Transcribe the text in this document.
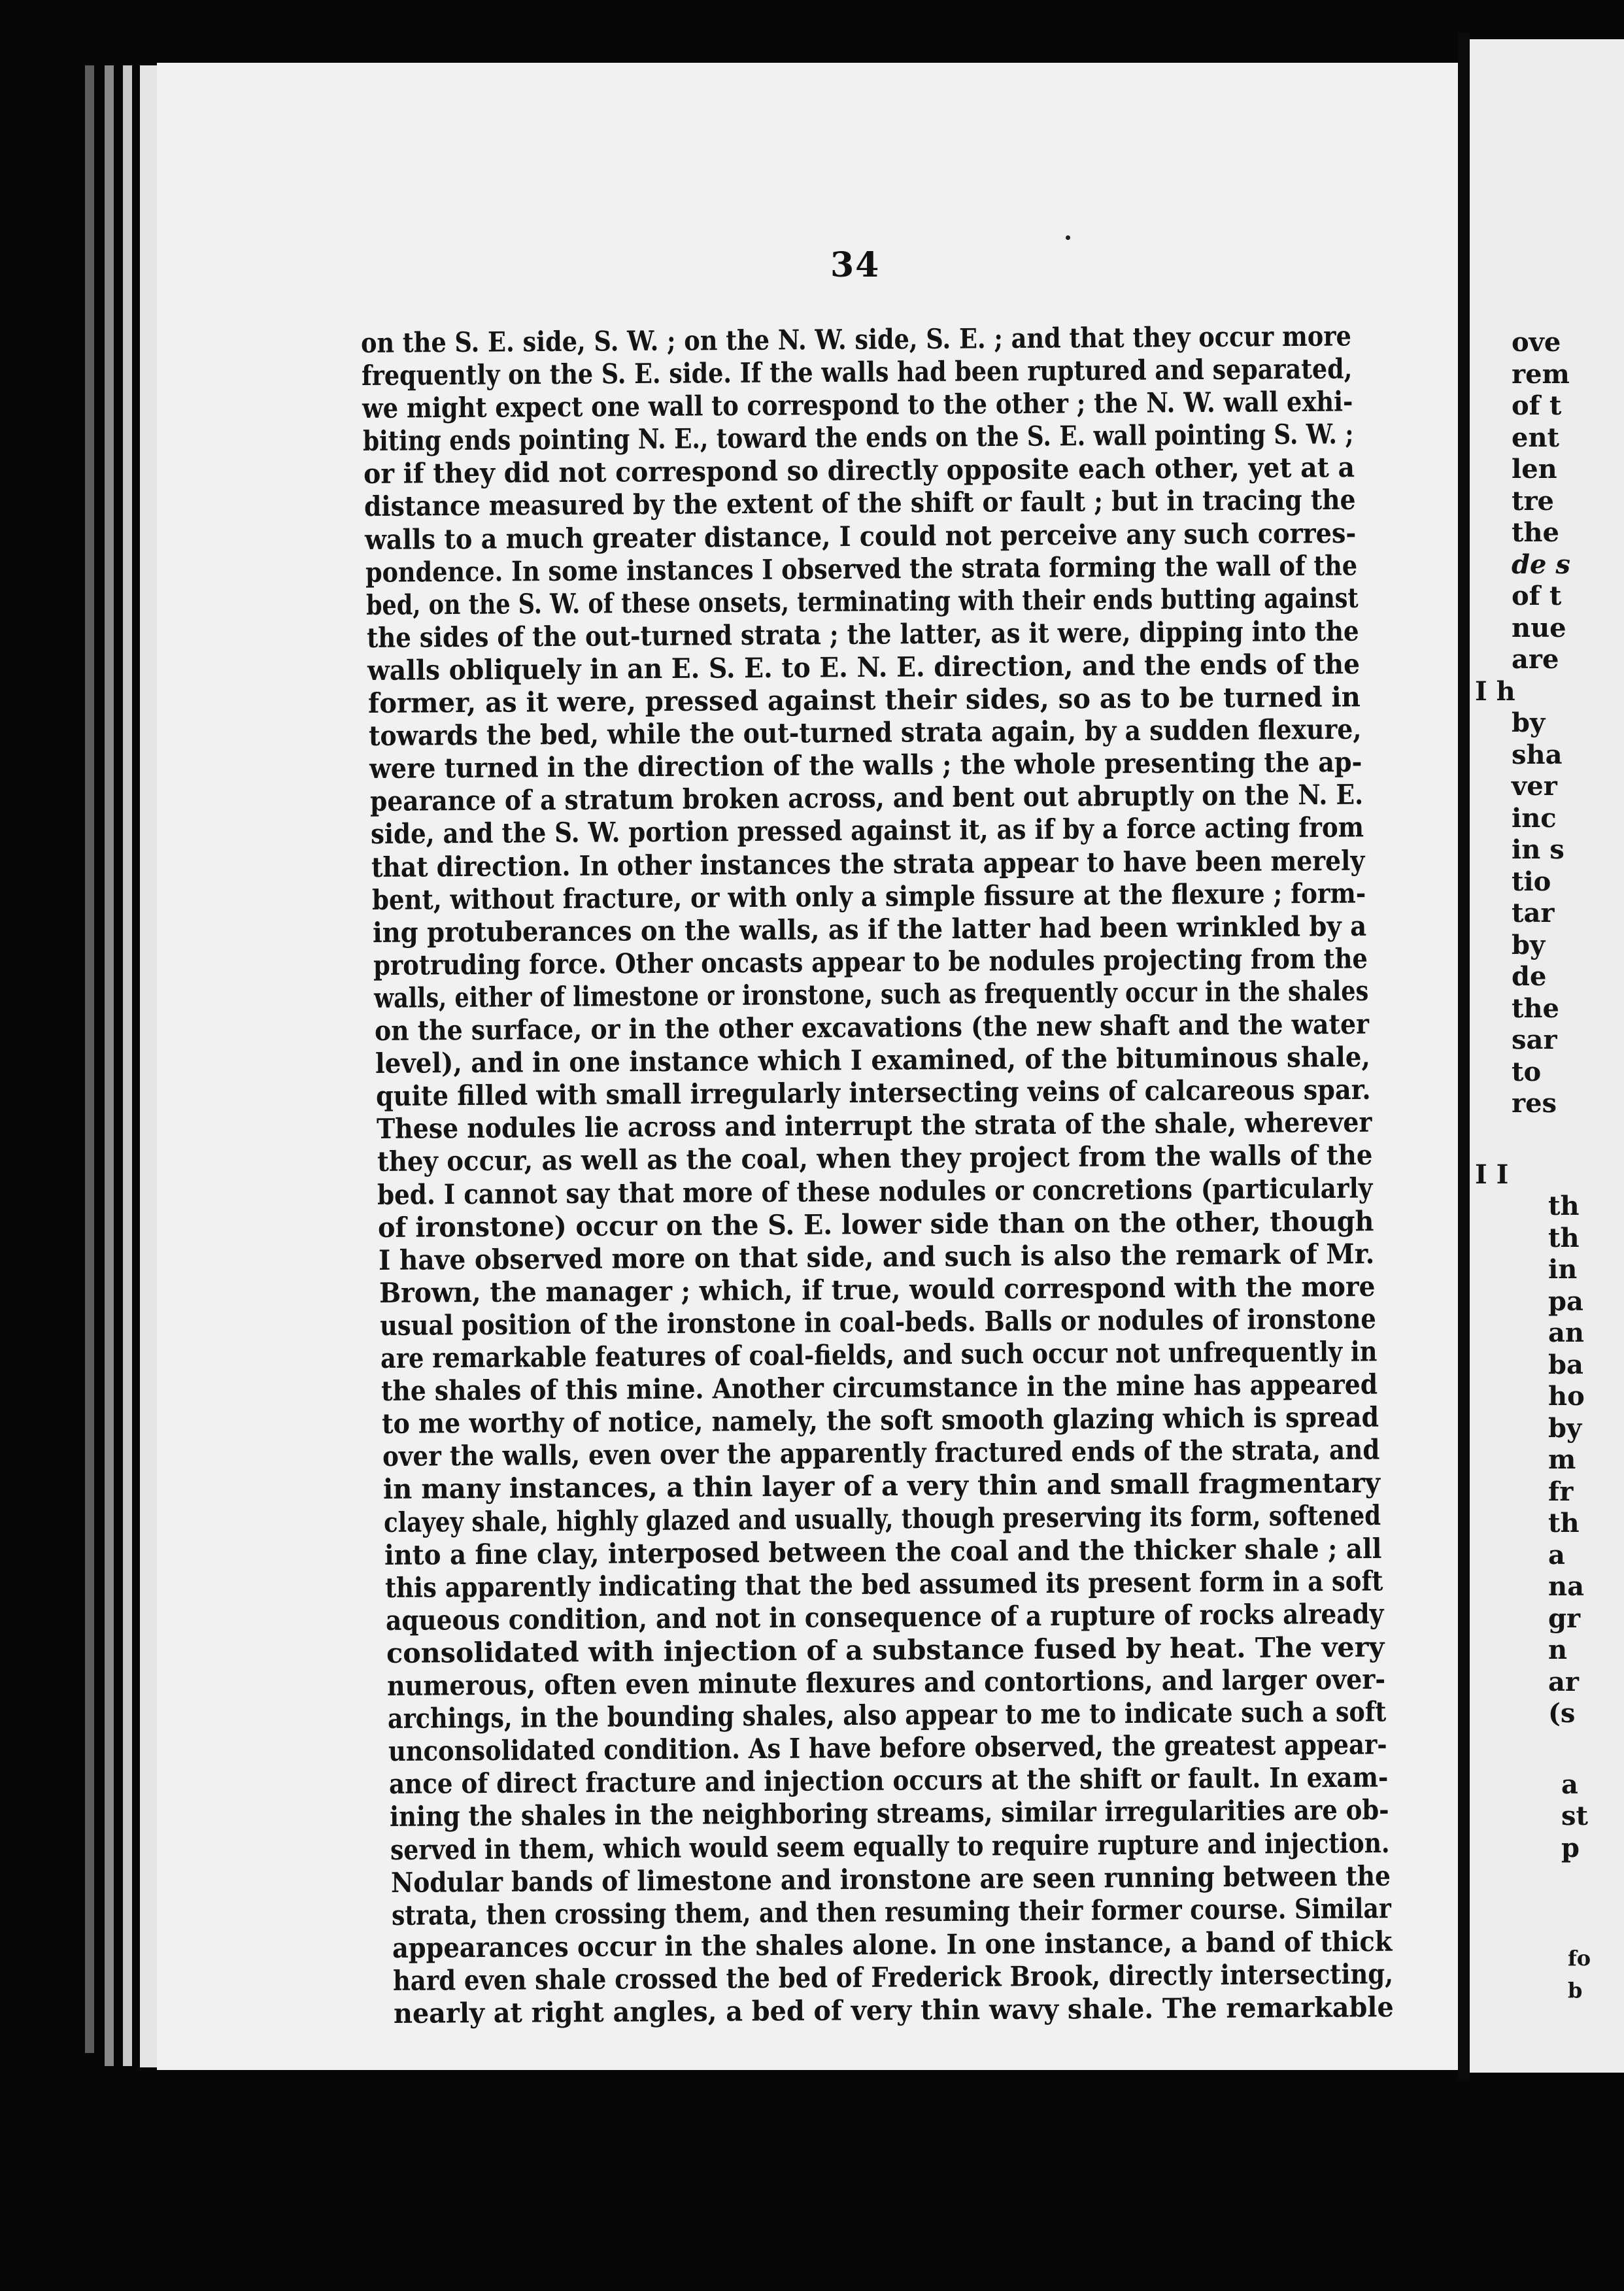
ove
rem
of t
ent
len
tre
the
de s
of t
nue
are
I h
by
sha
ver
inc
in s
tio
tar
by
de
the
sar
to
res
I I
th
th
in
pa
an
ba
ho
by
m
fr
th
a
na
gr
n
ar
(s
a
st
p
fo
b
34
on the S. E. side, S. W. ; on the N. W. side, S. E. ; and that they occur more
frequently on the S. E. side. If the walls had been ruptured and separated,
we might expect one wall to correspond to the other ; the N. W. wall exhi-
biting ends pointing N. E., toward the ends on the S. E. wall pointing S. W. ;
or if they did not correspond so directly opposite each other, yet at a
distance measured by the extent of the shift or fault ; but in tracing the
walls to a much greater distance, I could not perceive any such corres-
pondence. In some instances I observed the strata forming the wall of the
bed, on the S. W. of these onsets, terminating with their ends butting against
the sides of the out-turned strata ; the latter, as it were, dipping into the
walls obliquely in an E. S. E. to E. N. E. direction, and the ends of the
former, as it were, pressed against their sides, so as to be turned in
towards the bed, while the out-turned strata again, by a sudden flexure,
were turned in the direction of the walls ; the whole presenting the ap-
pearance of a stratum broken across, and bent out abruptly on the N. E.
side, and the S. W. portion pressed against it, as if by a force acting from
that direction. In other instances the strata appear to have been merely
bent, without fracture, or with only a simple fissure at the flexure ; form-
ing protuberances on the walls, as if the latter had been wrinkled by a
protruding force. Other oncasts appear to be nodules projecting from the
walls, either of limestone or ironstone, such as frequently occur in the shales
on the surface, or in the other excavations (the new shaft and the water
level), and in one instance which I examined, of the bituminous shale,
quite filled with small irregularly intersecting veins of calcareous spar.
These nodules lie across and interrupt the strata of the shale, wherever
they occur, as well as the coal, when they project from the walls of the
bed. I cannot say that more of these nodules or concretions (particularly
of ironstone) occur on the S. E. lower side than on the other, though
I have observed more on that side, and such is also the remark of Mr.
Brown, the manager ; which, if true, would correspond with the more
usual position of the ironstone in coal-beds. Balls or nodules of ironstone
are remarkable features of coal-fields, and such occur not unfrequently in
the shales of this mine. Another circumstance in the mine has appeared
to me worthy of notice, namely, the soft smooth glazing which is spread
over the walls, even over the apparently fractured ends of the strata, and
in many instances, a thin layer of a very thin and small fragmentary
clayey shale, highly glazed and usually, though preserving its form, softened
into a fine clay, interposed between the coal and the thicker shale ; all
this apparently indicating that the bed assumed its present form in a soft
aqueous condition, and not in consequence of a rupture of rocks already
consolidated with injection of a substance fused by heat. The very
numerous, often even minute flexures and contortions, and larger over-
archings, in the bounding shales, also appear to me to indicate such a soft
unconsolidated condition. As I have before observed, the greatest appear-
ance of direct fracture and injection occurs at the shift or fault. In exam-
ining the shales in the neighboring streams, similar irregularities are ob-
served in them, which would seem equally to require rupture and injection.
Nodular bands of limestone and ironstone are seen running between the
strata, then crossing them, and then resuming their former course. Similar
appearances occur in the shales alone. In one instance, a band of thick
hard even shale crossed the bed of Frederick Brook, directly intersecting,
nearly at right angles, a bed of very thin wavy shale. The remarkable
